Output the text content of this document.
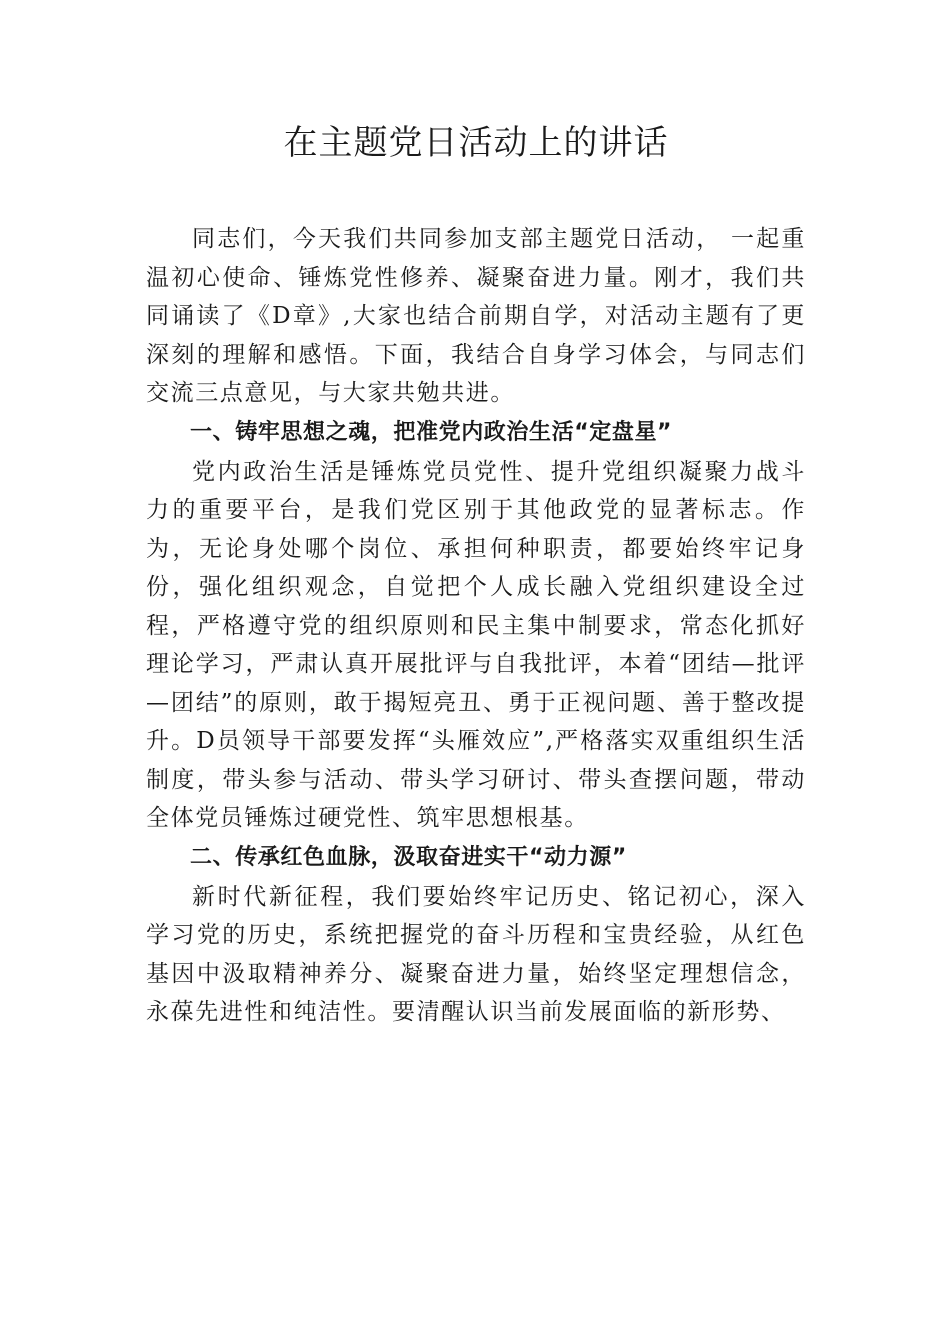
在主题党日活动上的讲话

同志们，今天我们共同参加支部主题党日活动， 一起重温初心使命、锤炼党性修养、凝聚奋进力量。刚才，我们共同诵读了《D章》,大家也结合前期自学，对活动主题有了更深刻的理解和感悟。下面，我结合自身学习体会，与同志们交流三点意见，与大家共勉共进。

一、铸牢思想之魂，把准党内政治生活“定盘星”

党内政治生活是锤炼党员党性、提升党组织凝聚力战斗力的重要平台，是我们党区别于其他政党的显著标志。作为，无论身处哪个岗位、承担何种职责，都要始终牢记身份，强化组织观念，自觉把个人成长融入党组织建设全过程，严格遵守党的组织原则和民主集中制要求，常态化抓好理论学习，严肃认真开展批评与自我批评，本着“团结—批评—团结”的原则，敢于揭短亮丑、勇于正视问题、善于整改提升。D员领导干部要发挥“头雁效应”,严格落实双重组织生活制度，带头参与活动、带头学习研讨、带头查摆问题，带动全体党员锤炼过硬党性、筑牢思想根基。

二、传承红色血脉，汲取奋进实干“动力源”

新时代新征程，我们要始终牢记历史、铭记初心，深入学习党的历史，系统把握党的奋斗历程和宝贵经验，从红色基因中汲取精神养分、凝聚奋进力量，始终坚定理想信念，永葆先进性和纯洁性。要清醒认识当前发展面临的新形势、
